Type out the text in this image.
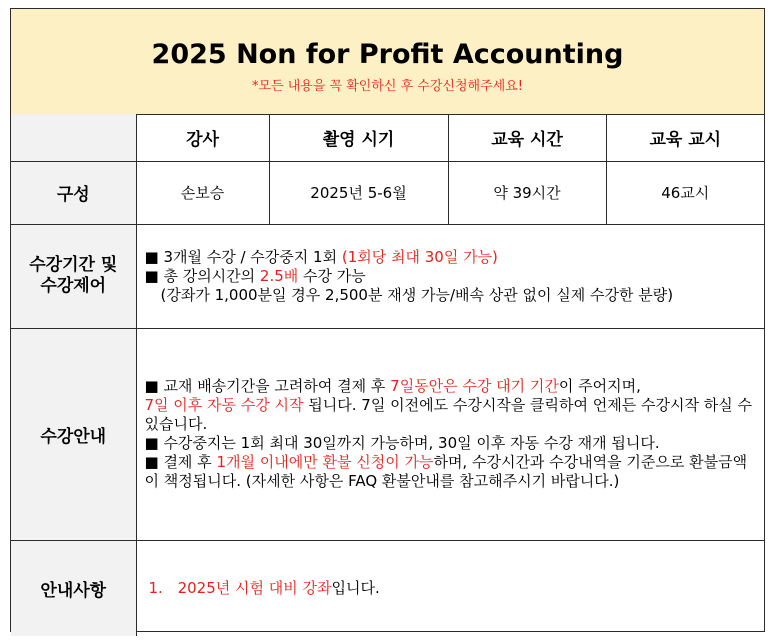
2025 Non for Profit Accounting
*모든 내용을 꼭 확인하신 후 수강신청해주세요!
	강사	촬영 시기	교육 시간	교육 교시
구성	손보승	2025년 5-6월	약 39시간	46교시
수강기간 및 수강제어	■ 3개월 수강 / 수강중지 1회 (1회당 최대 30일 가능)
■ 총 강의시간의 2.5배 수강 가능
(강좌가 1,000분일 경우 2,500분 재생 가능/배속 상관 없이 실제 수강한 분량)			

수강안내	■ 교재 배송기간을 고려하여 결제 후 7일동안은 수강 대기 기간이 주어지며,
7일 이후 자동 수강 시작 됩니다. 7일 이전에도 수강시작을 클릭하여 언제든 수강시작 하실 수 있습니다.
■ 수강중지는 1회 최대 30일까지 가능하며, 30일 이후 자동 수강 재개 됩니다.
■ 결제 후 1개월 이내에만 환불 신청이 가능하며, 수강시간과 수강내역을 기준으로 환불금액이 책정됩니다. (자세한 사항은 FAQ 환불안내를 참고해주시기 바랍니다.)			

안내사항	1. 2025년 시험 대비 강좌입니다.			
